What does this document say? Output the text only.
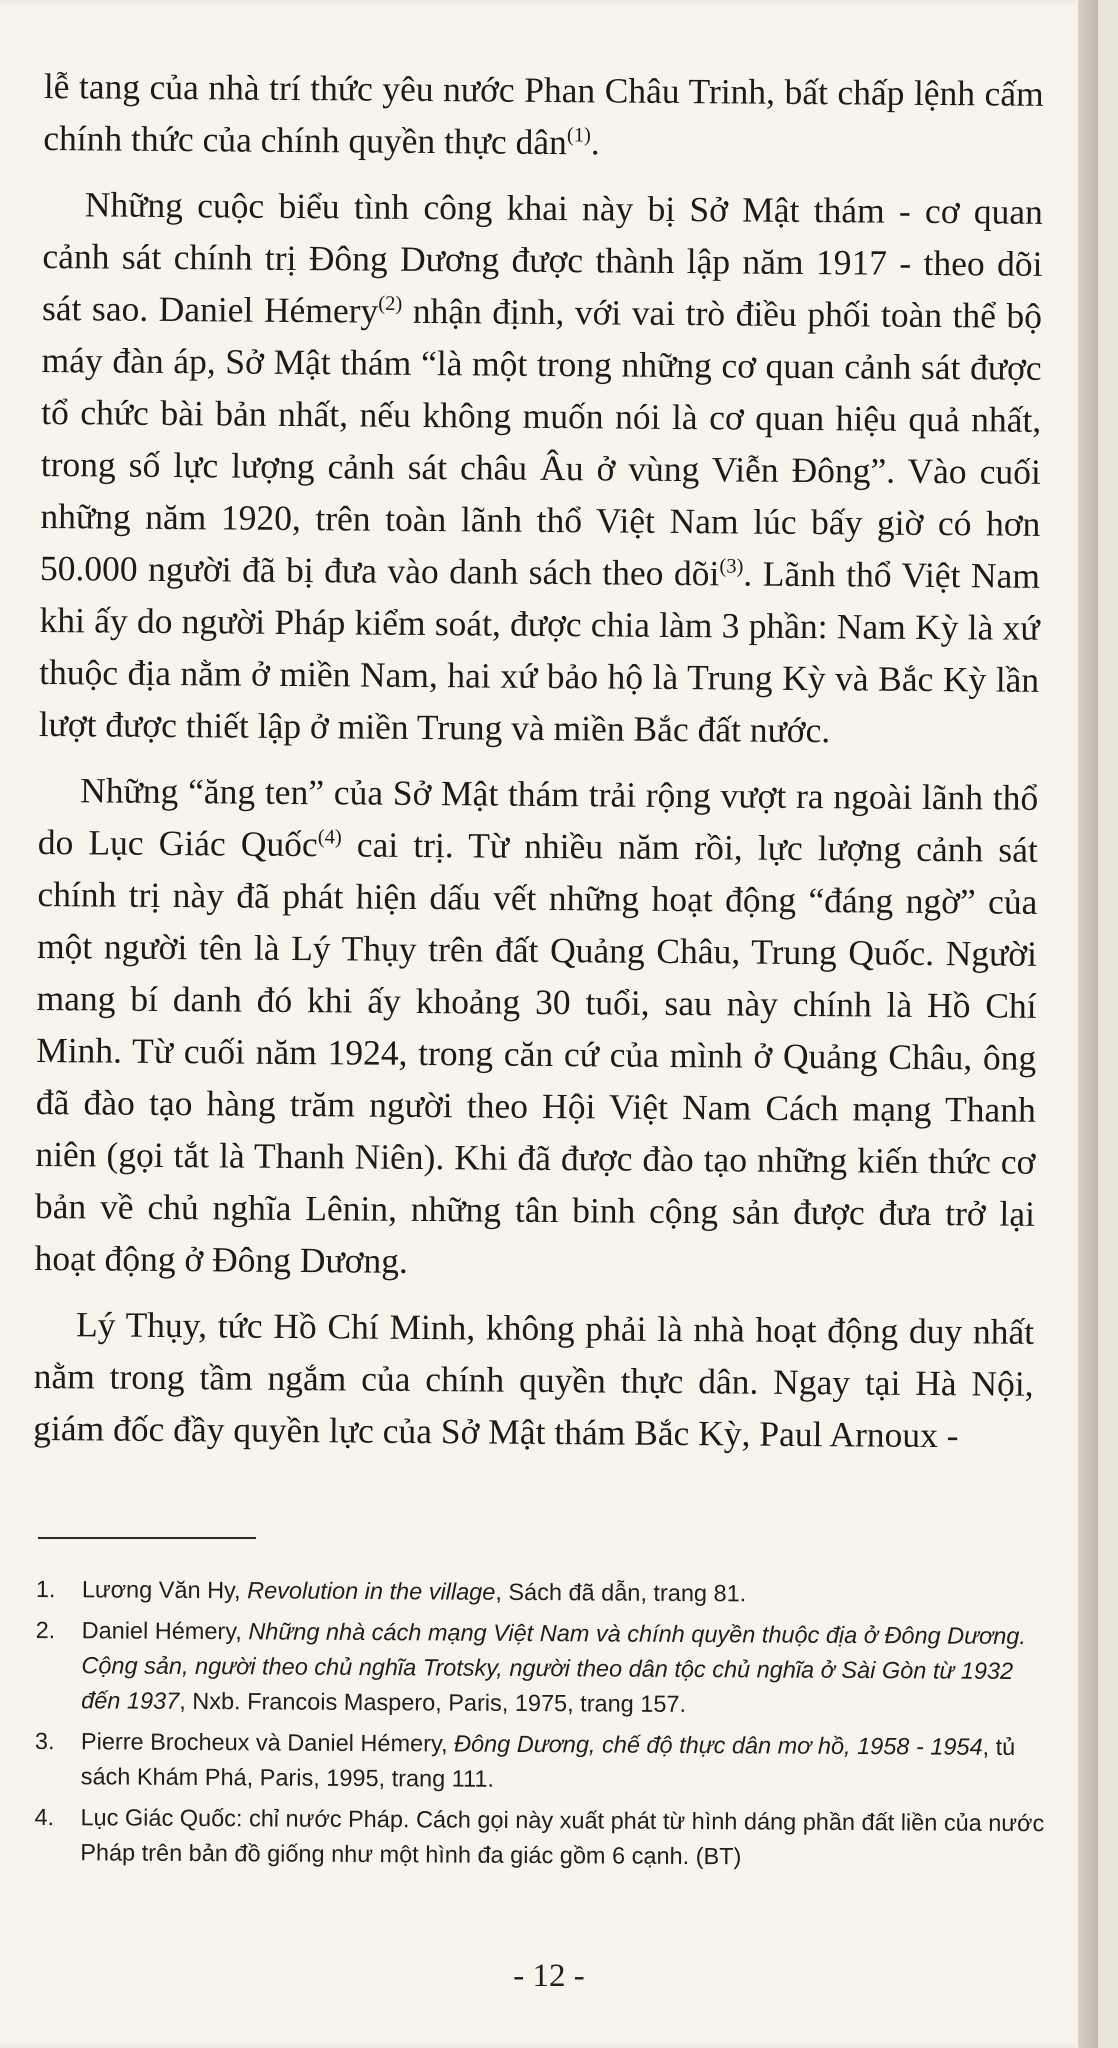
lễ tang của nhà trí thức yêu nước Phan Châu Trinh, bất chấp lệnh cấm chính thức của chính quyền thực dân$^{(1)}$.

Những cuộc biểu tình công khai này bị Sở Mật thám - cơ quan cảnh sát chính trị Đông Dương được thành lập năm 1917 - theo dõi sát sao. Daniel Hémery$^{(2)}$ nhận định, với vai trò điều phối toàn thể bộ máy đàn áp, Sở Mật thám “là một trong những cơ quan cảnh sát được tổ chức bài bản nhất, nếu không muốn nói là cơ quan hiệu quả nhất, trong số lực lượng cảnh sát châu Âu ở vùng Viễn Đông”. Vào cuối những năm 1920, trên toàn lãnh thổ Việt Nam lúc bấy giờ có hơn 50.000 người đã bị đưa vào danh sách theo dõi$^{(3)}$. Lãnh thổ Việt Nam khi ấy do người Pháp kiểm soát, được chia làm 3 phần: Nam Kỳ là xứ thuộc địa nằm ở miền Nam, hai xứ bảo hộ là Trung Kỳ và Bắc Kỳ lần lượt được thiết lập ở miền Trung và miền Bắc đất nước.

Những “ăng ten” của Sở Mật thám trải rộng vượt ra ngoài lãnh thổ do Lục Giác Quốc$^{(4)}$ cai trị. Từ nhiều năm rồi, lực lượng cảnh sát chính trị này đã phát hiện dấu vết những hoạt động “đáng ngờ” của một người tên là Lý Thụy trên đất Quảng Châu, Trung Quốc. Người mang bí danh đó khi ấy khoảng 30 tuổi, sau này chính là Hồ Chí Minh. Từ cuối năm 1924, trong căn cứ của mình ở Quảng Châu, ông đã đào tạo hàng trăm người theo Hội Việt Nam Cách mạng Thanh niên (gọi tắt là Thanh Niên). Khi đã được đào tạo những kiến thức cơ bản về chủ nghĩa Lênin, những tân binh cộng sản được đưa trở lại hoạt động ở Đông Dương.

Lý Thụy, tức Hồ Chí Minh, không phải là nhà hoạt động duy nhất nằm trong tầm ngắm của chính quyền thực dân. Ngay tại Hà Nội, giám đốc đầy quyền lực của Sở Mật thám Bắc Kỳ, Paul Arnoux -

1.	Lương Văn Hy, Revolution in the village, Sách đã dẫn, trang 81.
2.	Daniel Hémery, Những nhà cách mạng Việt Nam và chính quyền thuộc địa ở Đông Dương. Cộng sản, người theo chủ nghĩa Trotsky, người theo dân tộc chủ nghĩa ở Sài Gòn từ 1932 đến 1937, Nxb. Francois Maspero, Paris, 1975, trang 157.
3.	Pierre Brocheux và Daniel Hémery, Đông Dương, chế độ thực dân mơ hồ, 1958 - 1954, tủ sách Khám Phá, Paris, 1995, trang 111.
4.	Lục Giác Quốc: chỉ nước Pháp. Cách gọi này xuất phát từ hình dáng phần đất liền của nước Pháp trên bản đồ giống như một hình đa giác gồm 6 cạnh. (BT)
- 12 -
